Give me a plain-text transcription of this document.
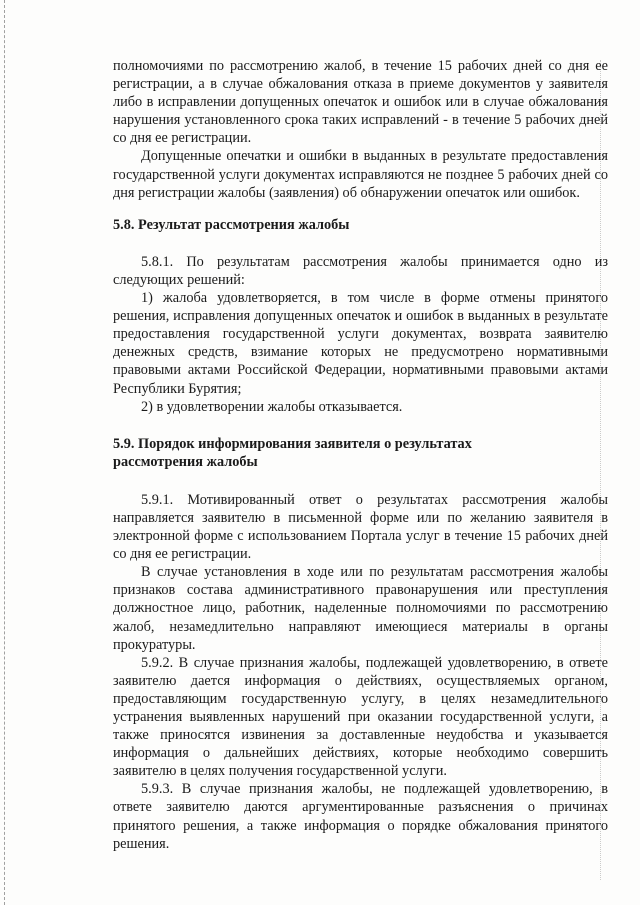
полномочиями по рассмотрению жалоб, в течение 15 рабочих дней со дня ее регистрации, а в случае обжалования отказа в приеме документов у заявителя либо в исправлении допущенных опечаток и ошибок или в случае обжалования нарушения установленного срока таких исправлений - в течение 5 рабочих дней со дня ее регистрации.

Допущенные опечатки и ошибки в выданных в результате предоставления государственной услуги документах исправляются не позднее 5 рабочих дней со дня регистрации жалобы (заявления) об обнаружении опечаток или ошибок.

5.8. Результат рассмотрения жалобы

5.8.1. По результатам рассмотрения жалобы принимается одно из следующих решений:

1) жалоба удовлетворяется, в том числе в форме отмены принятого решения, исправления допущенных опечаток и ошибок в выданных в результате предоставления государственной услуги документах, возврата заявителю денежных средств, взимание которых не предусмотрено нормативными правовыми актами Российской Федерации, нормативными правовыми актами Республики Бурятия;

2) в удовлетворении жалобы отказывается.

5.9. Порядок информирования заявителя о результатах

рассмотрения жалобы

5.9.1. Мотивированный ответ о результатах рассмотрения жалобы направляется заявителю в письменной форме или по желанию заявителя в электронной форме с использованием Портала услуг в течение 15 рабочих дней со дня ее регистрации.

В случае установления в ходе или по результатам рассмотрения жалобы признаков состава административного правонарушения или преступления должностное лицо, работник, наделенные полномочиями по рассмотрению жалоб, незамедлительно направляют имеющиеся материалы в органы прокуратуры.

5.9.2. В случае признания жалобы, подлежащей удовлетворению, в ответе заявителю дается информация о действиях, осуществляемых органом, предоставляющим государственную услугу, в целях незамедлительного устранения выявленных нарушений при оказании государственной услуги, а также приносятся извинения за доставленные неудобства и указывается информация о дальнейших действиях, которые необходимо совершить заявителю в целях получения государственной услуги.

5.9.3. В случае признания жалобы, не подлежащей удовлетворению, в ответе заявителю даются аргументированные разъяснения о причинах принятого решения, а также информация о порядке обжалования принятого решения.
